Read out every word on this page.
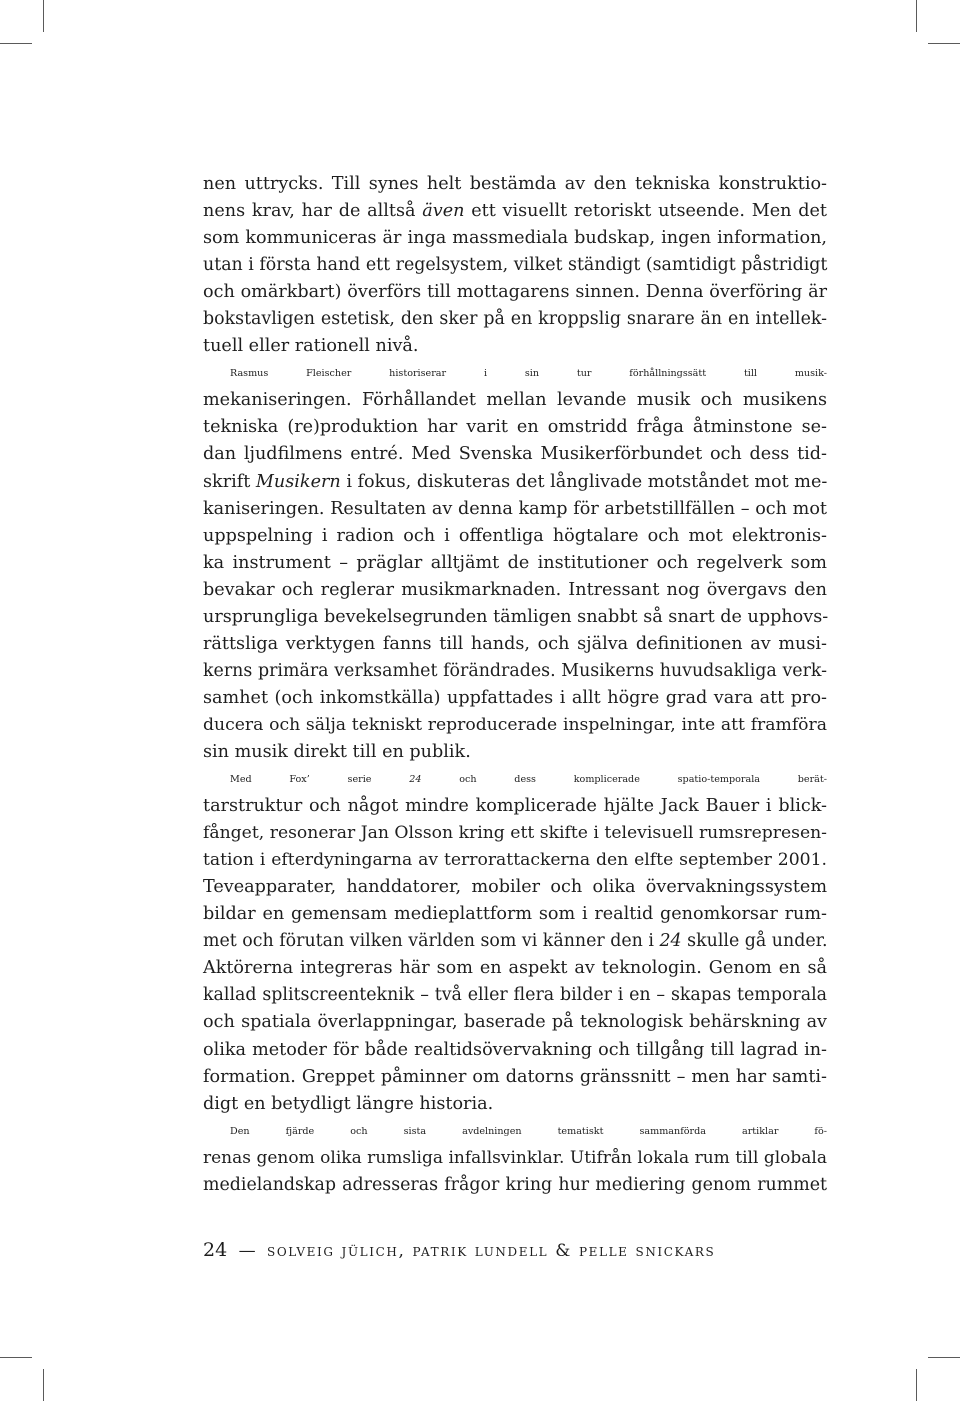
nen uttrycks. Till synes helt bestämda av den tekniska konstruktio-
nens krav, har de alltså även ett visuellt retoriskt utseende. Men det
som kommuniceras är inga massmediala budskap, ingen information,
utan i första hand ett regelsystem, vilket ständigt (samtidigt påstridigt
och omärkbart) överförs till mottagarens sinnen. Denna överföring är
bokstavligen estetisk, den sker på en kroppslig snarare än en intellek-
tuell eller rationell nivå.
Rasmus Fleischer historiserar i sin tur förhållningssätt till musik-
mekaniseringen. Förhållandet mellan levande musik och musikens
tekniska (re)produktion har varit en omstridd fråga åtminstone se-
dan ljudfilmens entré. Med Svenska Musikerförbundet och dess tid-
skrift Musikern i fokus, diskuteras det långlivade motståndet mot me-
kaniseringen. Resultaten av denna kamp för arbetstillfällen – och mot
uppspelning i radion och i offentliga högtalare och mot elektronis-
ka instrument – präglar alltjämt de institutioner och regelverk som
bevakar och reglerar musikmarknaden. Intressant nog övergavs den
ursprungliga bevekelsegrunden tämligen snabbt så snart de upphovs-
rättsliga verktygen fanns till hands, och själva definitionen av musi-
kerns primära verksamhet förändrades. Musikerns huvudsakliga verk-
samhet (och inkomstkälla) uppfattades i allt högre grad vara att pro-
ducera och sälja tekniskt reproducerade inspelningar, inte att framföra
sin musik direkt till en publik.
Med Fox’ serie 24 och dess komplicerade spatio-temporala berät-
tarstruktur och något mindre komplicerade hjälte Jack Bauer i blick-
fånget, resonerar Jan Olsson kring ett skifte i televisuell rumsrepresen-
tation i efterdyningarna av terrorattackerna den elfte september 2001.
Teveapparater, handdatorer, mobiler och olika övervakningssystem
bildar en gemensam medieplattform som i realtid genomkorsar rum-
met och förutan vilken världen som vi känner den i 24 skulle gå under.
Aktörerna integreras här som en aspekt av teknologin. Genom en så
kallad splitscreenteknik – två eller flera bilder i en – skapas temporala
och spatiala överlappningar, baserade på teknologisk behärskning av
olika metoder för både realtidsövervakning och tillgång till lagrad in-
formation. Greppet påminner om datorns gränssnitt – men har samti-
digt en betydligt längre historia.
Den fjärde och sista avdelningen tematiskt sammanförda artiklar fö-
renas genom olika rumsliga infallsvinklar. Utifrån lokala rum till globala
medielandskap adresseras frågor kring hur mediering genom rummet
24 — solveig jülich, patrik lundell & pelle snickars
